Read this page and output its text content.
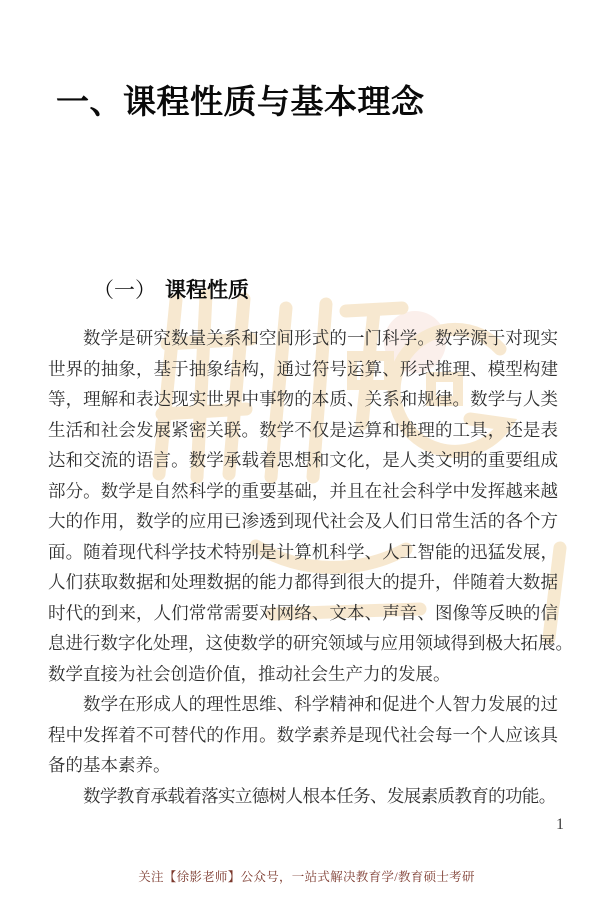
一、课程性质与基本理念
（一） 课程性质
数学是研究数量关系和空间形式的一门科学。数学源于对现实
世界的抽象，基于抽象结构，通过符号运算、形式推理、模型构建
等，理解和表达现实世界中事物的本质、关系和规律。数学与人类
生活和社会发展紧密关联。数学不仅是运算和推理的工具，还是表
达和交流的语言。数学承载着思想和文化，是人类文明的重要组成
部分。数学是自然科学的重要基础，并且在社会科学中发挥越来越
大的作用，数学的应用已渗透到现代社会及人们日常生活的各个方
面。随着现代科学技术特别是计算机科学、人工智能的迅猛发展，
人们获取数据和处理数据的能力都得到很大的提升，伴随着大数据
时代的到来，人们常常需要对网络、文本、声音、图像等反映的信
息进行数字化处理，这使数学的研究领域与应用领域得到极大拓展。
数学直接为社会创造价值，推动社会生产力的发展。
数学在形成人的理性思维、科学精神和促进个人智力发展的过
程中发挥着不可替代的作用。数学素养是现代社会每一个人应该具
备的基本素养。
数学教育承载着落实立德树人根本任务、发展素质教育的功能。
1
关注【徐影老师】公众号，一站式解决教育学/教育硕士考研
